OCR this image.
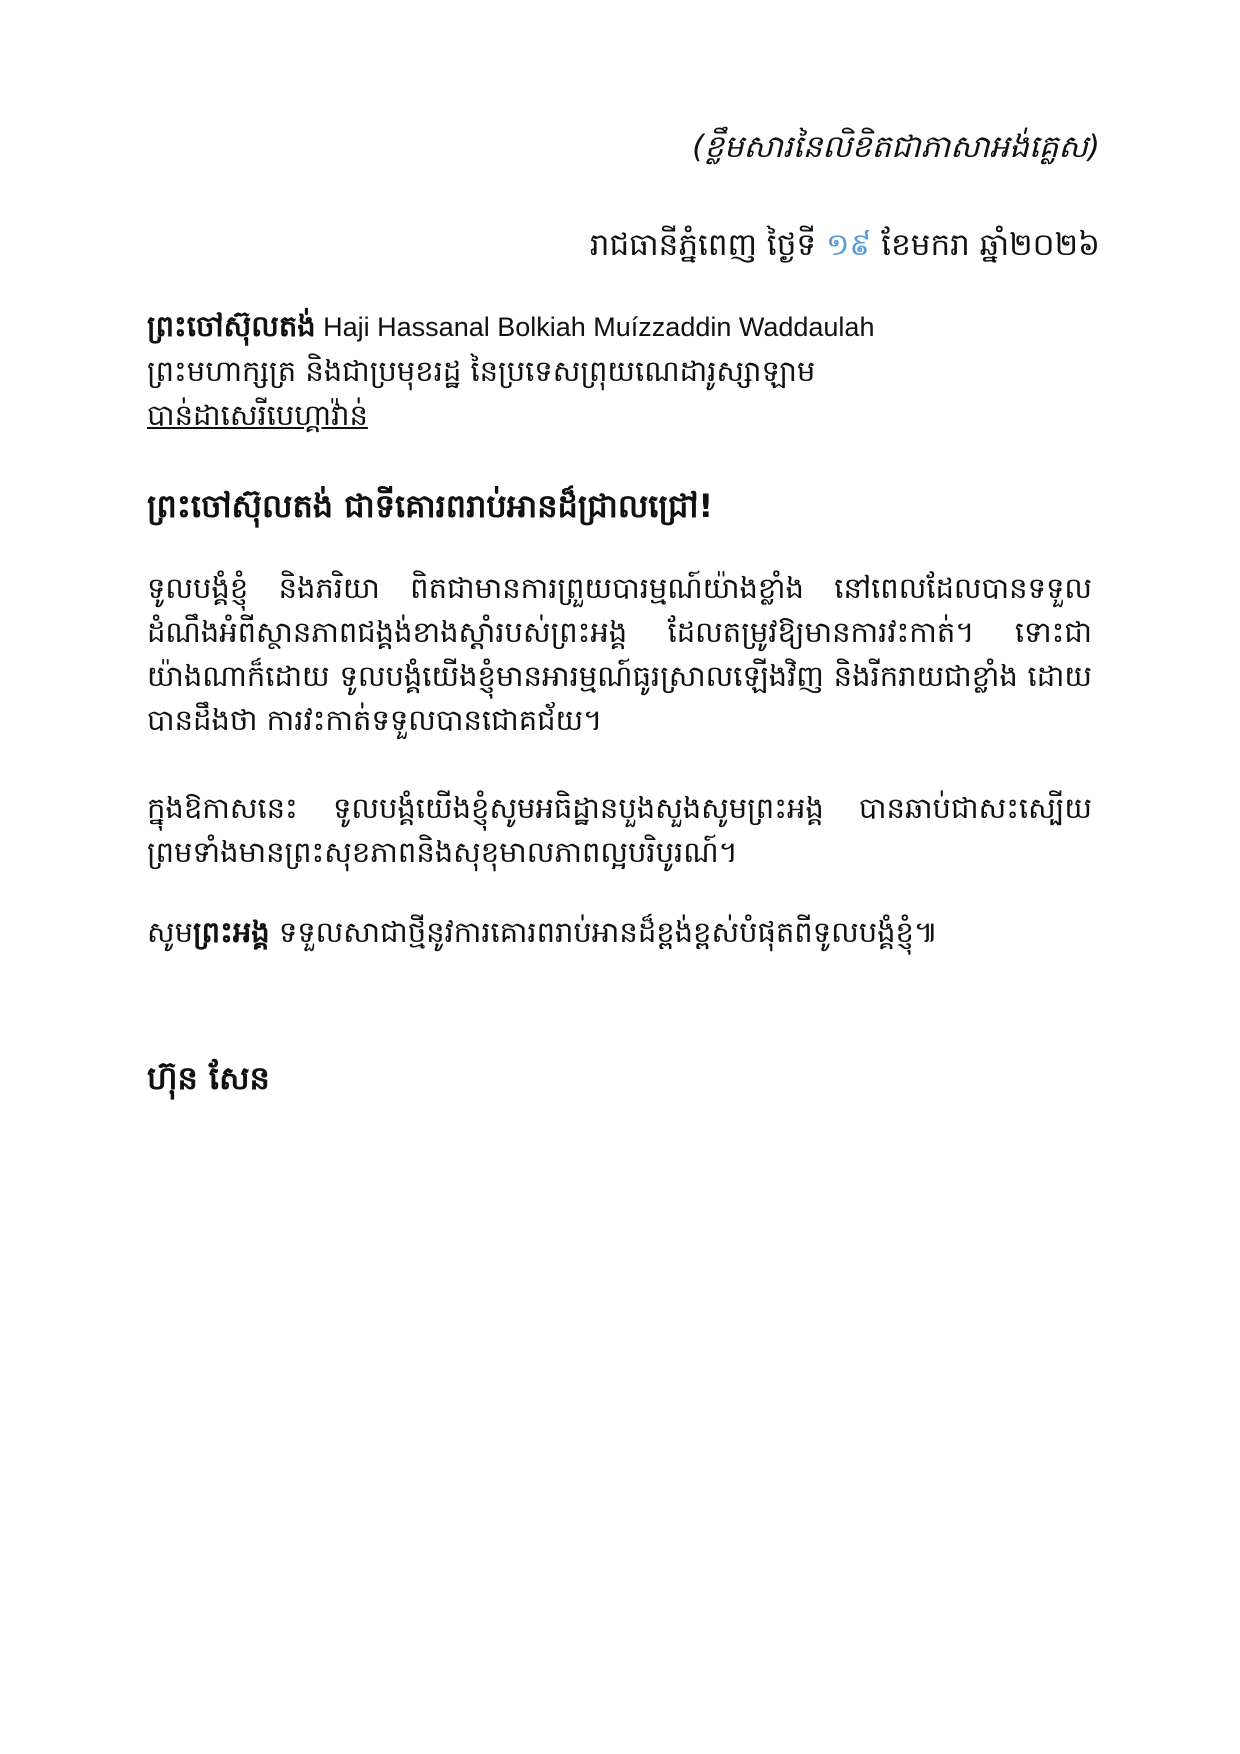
(ខ្លឹមសារនៃលិខិតជាភាសាអង់គ្លេស)
រាជធានីភ្នំពេញ ថ្ងៃទី ១៩ ខែមករា ឆ្នាំ២០២៦
ព្រះចៅស៊ុលតង់ Haji Hassanal Bolkiah Muízzaddin Waddaulah
ព្រះមហាក្សត្រ និងជាប្រមុខរដ្ឋ នៃប្រទេសព្រុយណេដារូស្សាឡាម
បាន់ដាសេរីបេហ្គាវ៉ាន់
ព្រះចៅស៊ុលតង់ ជាទីគោរពរាប់អានដ៏ជ្រាលជ្រៅ!
ទូលបង្គំខ្ញុំ និងភរិយា ពិតជាមានការព្រួយបារម្មណ៍យ៉ាងខ្លាំង នៅពេលដែលបានទទួលដំណឹងអំពីស្ថានភាពជង្គង់ខាងស្តាំរបស់ព្រះអង្គ ដែលតម្រូវឱ្យមានការវះកាត់។ ទោះជាយ៉ាងណាក៏ដោយ ទូលបង្គំយើងខ្ញុំមានអារម្មណ៍ធូរស្រាលឡើងវិញ និងរីករាយជាខ្លាំង ដោយបានដឹងថា ការវះកាត់ទទួលបានជោគជ័យ។
ក្នុងឱកាសនេះ ទូលបង្គំយើងខ្ញុំសូមអធិដ្ឋានបួងសួងសូមព្រះអង្គ បានឆាប់ជាសះស្បើយ ព្រមទាំងមានព្រះសុខភាពនិងសុខុមាលភាពល្អបរិបូរណ៍។
សូមព្រះអង្គ ទទួលសាជាថ្មីនូវការគោរពរាប់អានដ៏ខ្ពង់ខ្ពស់បំផុតពីទូលបង្គំខ្ញុំ៕
ហ៊ុន សែន
